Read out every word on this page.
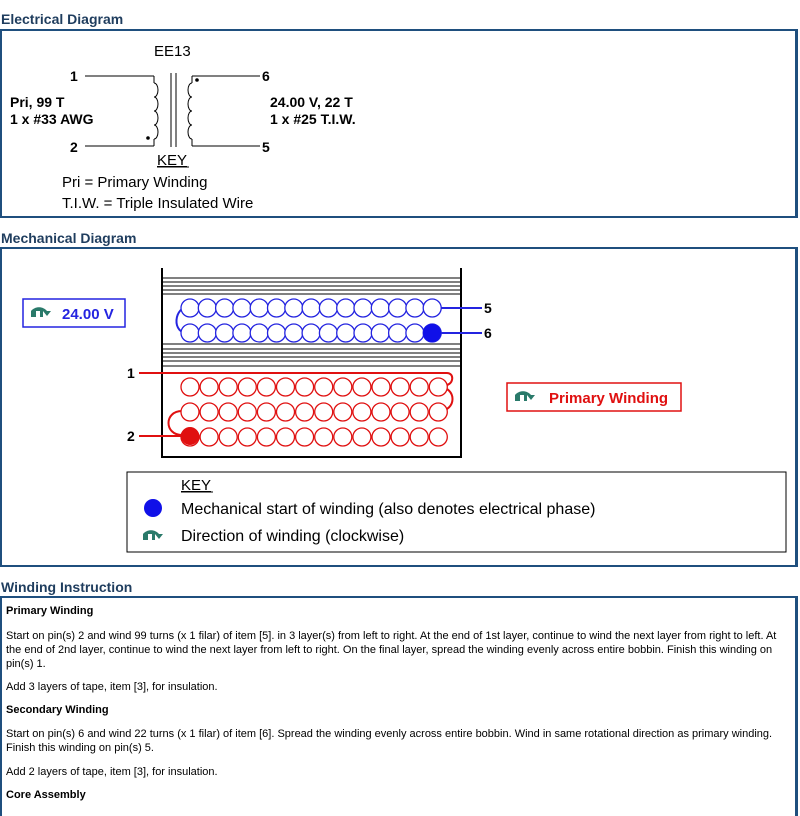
Electrical Diagram
EE13
1
2
6
5
Pri, 99 T
1 x #33 AWG
24.00 V, 22 T
1 x #25 T.I.W.
KEY
Pri = Primary Winding
T.I.W. = Triple Insulated Wire
Mechanical Diagram
5
6
1
2
24.00 V
Primary Winding
KEY
Mechanical start of winding (also denotes electrical phase)
Direction of winding (clockwise)
Winding Instruction
Primary Winding
Start on pin(s) 2 and wind 99 turns (x 1 filar) of item [5]. in 3 layer(s) from left to right. At the end of 1st layer, continue to wind the next layer from right to left. At the end of 2nd layer, continue to wind the next layer from left to right. On the final layer, spread the winding evenly across entire bobbin. Finish this winding on pin(s) 1.
Add 3 layers of tape, item [3], for insulation.
Secondary Winding
Start on pin(s) 6 and wind 22 turns (x 1 filar) of item [6]. Spread the winding evenly across entire bobbin. Wind in same rotational direction as primary winding. Finish this winding on pin(s) 5.
Add 2 layers of tape, item [3], for insulation.
Core Assembly
